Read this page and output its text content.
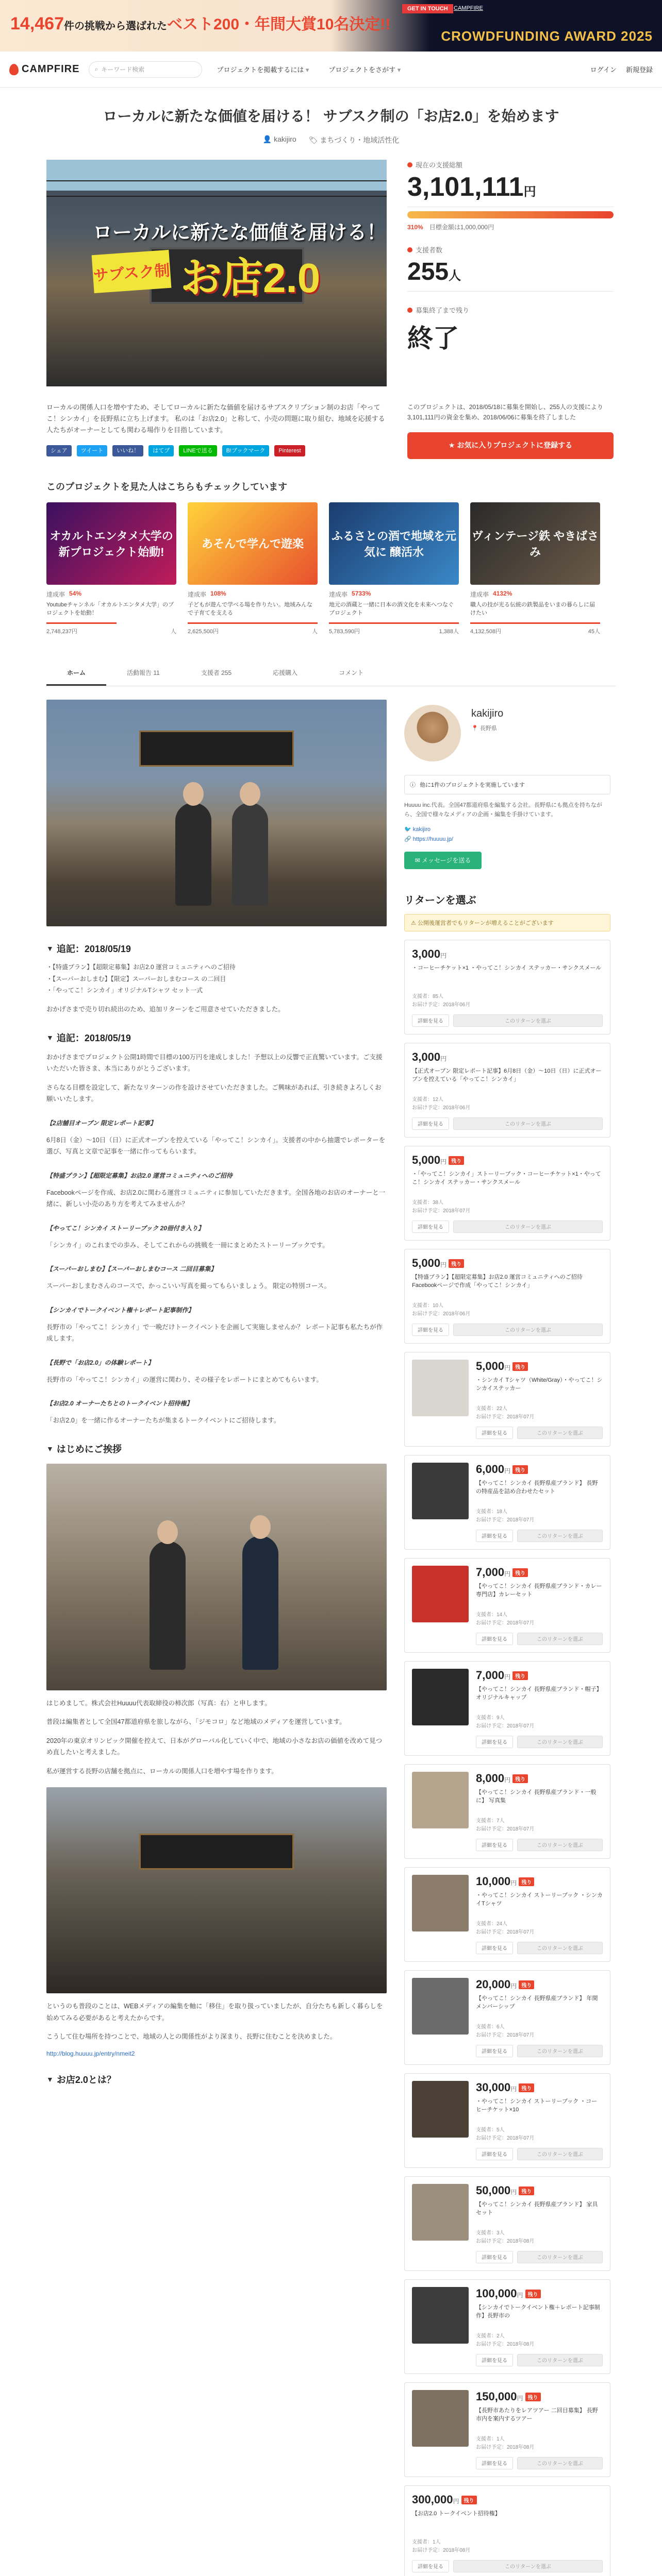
14,467件の挑戦から選ばれたベスト200・年間大賞10名決定!!
GET IN TOUCH	CAMPFIRE
CROWDFUNDING AWARD 2025
CAMPFIRE ⌕ キーワード検索	プロジェクトを掲載するには ▾	プロジェクトをさがす ▾	ログイン 新規登録
ローカルに新たな価値を届ける！ サブスク制の「お店2.0」を始めます
👤 kakijiro 🏷 まちづくり・地域活性化
ローカルに新たな価値を届ける！
サブスク制 お店2.0
現在の支援総額
3,101,111円
310%　 目標金額は1,000,000円
支援者数
255人
募集終了まで残り
終了

ローカルの関係人口を増やすため、そしてローカルに新たな価値を届けるサブスクリプション制のお店「やってこ！シンカイ」を長野県に立ち上げます。 私のは「お店2.0」と称して、小売の問題に取り組む、地域を応援する人たちがオーナーとしても関わる場作りを目指しています。

シェア	ツイート	いいね！	はてブ	LINEで送る	B!ブックマーク	Pinterest

このプロジェクトは、2018/05/18に募集を開始し、255人の支援により 3,101,111円の資金を集め、2018/06/06に募集を終了しました

★ お気に入りプロジェクトに登録する
このプロジェクトを見た人はこちらもチェックしています
オカルトエンタメ大学の新プロジェクト始動!
達成率 54%
Youtubeチャンネル「オカルトエンタメ大学」のプロジェクトを始動！
2,748,237円	人
あそんで学んで遊楽
達成率 108%
子どもが遊んで学べる場を作りたい。地域みんなで子育てを支える
2,625,500円	人
ふるさとの酒で地域を元気に 醸活水
達成率 5733%
地元の酒蔵と一緒に日本の酒文化を未来へつなぐプロジェクト
5,783,590円	1,388人
ヴィンテージ鉄 やきばさみ
達成率 4132%
職人の技が光る伝統の鉄製品をいまの暮らしに届けたい
4,132,508円	45人
ホーム	活動報告 11	支援者 255	応援購入	コメント
▼ 追記：2018/05/19

・【特盛プラン】【超限定募集】お店2.0 運営コミュニティへのご招待

・【スーパーおしまむ】【限定】スーパーおしまむコース の二回目

・「やってこ！シンカイ」オリジナルTシャツ セット一式

おかげさまで売り切れ続出のため、追加リターンをご用意させていただきました。

▼ 追記：2018/05/19

おかげさまでプロジェクト公開1時間で目標の100万円を達成しました！予想以上の反響で正直驚いています。ご支援いただいた皆さま、本当にありがとうございます。

さらなる目標を設定して、新たなリターンの作を設けさせていただきました。ご興味があれば、引き続きよろしくお願いいたします。

【2店舗目オープン 限定レポート記事】

6月8日（金）〜10日（日）に正式オープンを控えている「やってこ！シンカイ」。支援者の中から抽選でレポーターを選び、写真と文章で記事を一緒に作ってもらいます。

【特盛プラン】【超限定募集】お店2.0 運営コミュニティへのご招待

Facebookページを作成、お店2.0に関わる運営コミュニティに参加していただきます。全国各地のお店のオーナーと一緒に、新しい小売のあり方を考えてみませんか？

【やってこ！シンカイ ストーリーブック 20冊付き入り】

「シンカイ」のこれまでの歩み、そしてこれからの挑戦を一冊にまとめたストーリーブックです。

【スーパーおしまむ】【スーパーおしまむコース 二回目募集】

スーパーおしまむさんのコースで、かっこいい写真を撮ってもらいましょう。 限定の特別コース。

【シンカイでトークイベント権＋レポート記事制作】

長野市の「やってこ！シンカイ」で一晩だけトークイベントを企画して実施しませんか？ レポート記事も私たちが作成します。

【長野で「お店2.0」の体験レポート】

長野市の「やってこ！シンカイ」の運営に関わり、その様子をレポートにまとめてもらいます。

【お店2.0 オーナーたちとのトークイベント招待権】

「お店2.0」を一緒に作るオーナーたちが集まるトークイベントにご招待します。

▼ はじめにご挨拶

はじめまして。株式会社Huuuu代表取締役の柿次郎（写真：右）と申します。

普段は編集者として全国47都道府県を旅しながら、「ジモコロ」など地域のメディアを運営しています。

2020年の東京オリンピック開催を控えて、日本がグローバル化していく中で、地域の小さなお店の価値を改めて見つめ直したいと考えました。

私が運営する長野の店舗を拠点に、ローカルの関係人口を増やす場を作ります。

というのも普段のことは、WEBメディアの編集を軸に「移住」を取り扱っていましたが、自分たちも新しく暮らしを始めてみる必要があると考えたからです。

こうして住む場所を持つことで、地域の人との関係性がより深まり、長野に住むことを決めました。

http://blog.huuuu.jp/entry/nmeit2

▼ お店2.0とは？
kakijiro
📍 長野県
ⓘ 他に1件のプロジェクトを実施しています

Huuuu inc.代表。全国47都道府県を編集する会社。長野県にも拠点を持ちながら、全国で様々なメディアの企画・編集を手掛けています。

🐦 kakijiro

🔗 https://huuuu.jp/

✉ メッセージを送る
リターンを選ぶ
⚠ 公開後運営者でもリターンが増えることがございます
3,000円
・コーヒーチケット×1 ・やってこ！シンカイ ステッカー・サンクスメール

支援者：85人

お届け予定：2018年06月

詳細を見る	このリターンを選ぶ
3,000円
【正式オープン 限定レポート記事】6月8日（金）〜10日（日）に正式オープンを控えている「やってこ！シンカイ」

支援者：12人

お届け予定：2018年06月

詳細を見る	このリターンを選ぶ
5,000円 残り
・「やってこ！シンカイ」ストーリーブック・コーヒーチケット×1・やってこ！シンカイ ステッカー・サンクスメール

支援者：38人

お届け予定：2018年07月

詳細を見る	このリターンを選ぶ
5,000円 残り
【特盛プラン】【超限定募集】お店2.0 運営コミュニティへのご招待 Facebookページで作成「やってこ！シンカイ」

支援者：10人

お届け予定：2018年06月

詳細を見る	このリターンを選ぶ
5,000円 残り
・シンカイ Tシャツ（White/Gray）・やってこ！シンカイステッカー

支援者：22人

お届け予定：2018年07月

詳細を見る	このリターンを選ぶ
6,000円 残り
【やってこ！シンカイ 長野県産ブランド】 長野の特産品を詰め合わせたセット

支援者：18人

お届け予定：2018年07月

詳細を見る	このリターンを選ぶ
7,000円 残り
【やってこ！シンカイ 長野県産ブランド・カレー専門店】カレーセット

支援者：14人

お届け予定：2018年07月

詳細を見る	このリターンを選ぶ
7,000円 残り
【やってこ！シンカイ 長野県産ブランド・帽子】オリジナルキャップ

支援者：9人

お届け予定：2018年07月

詳細を見る	このリターンを選ぶ
8,000円 残り
【やってこ！シンカイ 長野県産ブランド・一般に】 写真集

支援者：7人

お届け予定：2018年07月

詳細を見る	このリターンを選ぶ
10,000円 残り
・やってこ！シンカイ ストーリーブック ・シンカイTシャツ

支援者：24人

お届け予定：2018年07月

詳細を見る	このリターンを選ぶ
20,000円 残り
【やってこ！シンカイ 長野県産ブランド】 年間メンバーシップ

支援者：6人

お届け予定：2018年07月

詳細を見る	このリターンを選ぶ
30,000円 残り
・やってこ！シンカイ ストーリーブック ・コーヒーチケット×10

支援者：5人

お届け予定：2018年07月

詳細を見る	このリターンを選ぶ
50,000円 残り
【やってこ！シンカイ 長野県産ブランド】 家具セット

支援者：3人

お届け予定：2018年08月

詳細を見る	このリターンを選ぶ
100,000円 残り
【シンカイでトークイベント権＋レポート記事制作】長野市の

支援者：2人

お届け予定：2018年08月

詳細を見る	このリターンを選ぶ
150,000円 残り
【長野市あたりをレアツアー 二回目募集】 長野市内を案内するツアー

支援者：1人

お届け予定：2018年08月

詳細を見る	このリターンを選ぶ
300,000円 残り
【お店2.0 トークイベント招待権】

支援者：1人

お届け予定：2018年08月

詳細を見る	このリターンを選ぶ
